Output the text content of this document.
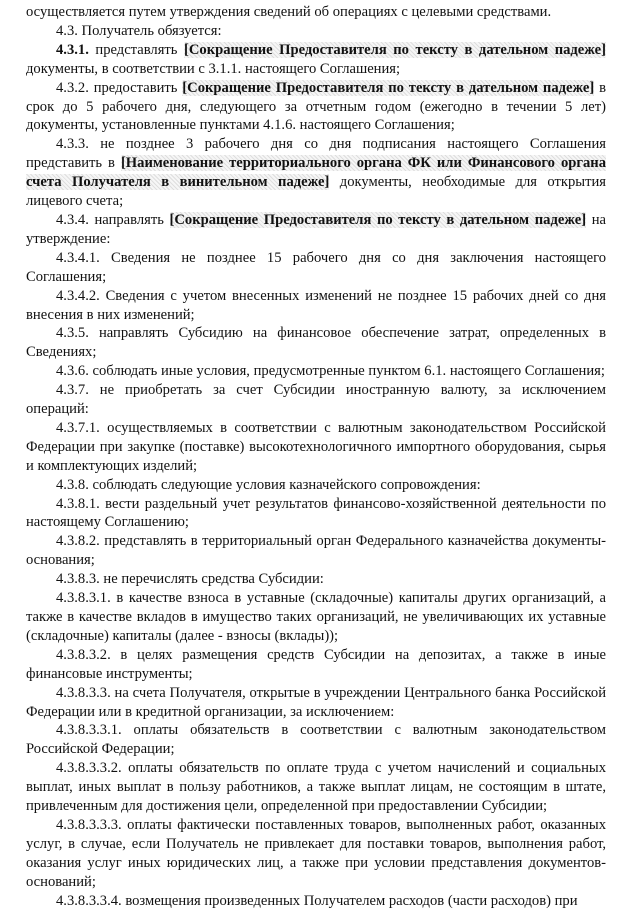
осуществляется путем утверждения сведений об операциях с целевыми средствами.

4.3. Получатель обязуется:

4.3.1. представлять [Сокращение Предоставителя по тексту в дательном падеже] документы, в соответствии с 3.1.1. настоящего Соглашения;

4.3.2. предоставить [Сокращение Предоставителя по тексту в дательном падеже] в срок до 5 рабочего дня, следующего за отчетным годом (ежегодно в течении 5 лет) документы, установленные пунктами 4.1.6. настоящего Соглашения;

4.3.3. не позднее 3 рабочего дня со дня подписания настоящего Соглашения представить в [Наименование территориального органа ФК или Финансового органа счета Получателя в винительном падеже] документы, необходимые для открытия лицевого счета;

4.3.4. направлять [Сокращение Предоставителя по тексту в дательном падеже] на утверждение:

4.3.4.1. Сведения не позднее 15 рабочего дня со дня заключения настоящего Соглашения;

4.3.4.2. Сведения с учетом внесенных изменений не позднее 15 рабочих дней со дня внесения в них изменений;

4.3.5. направлять Субсидию на финансовое обеспечение затрат, определенных в Сведениях;

4.3.6. соблюдать иные условия, предусмотренные пунктом 6.1. настоящего Соглашения;

4.3.7. не приобретать за счет Субсидии иностранную валюту, за исключением операций:

4.3.7.1. осуществляемых в соответствии с валютным законодательством Российской Федерации при закупке (поставке) высокотехнологичного импортного оборудования, сырья и комплектующих изделий;

4.3.8. соблюдать следующие условия казначейского сопровождения:

4.3.8.1. вести раздельный учет результатов финансово-хозяйственной деятельности по настоящему Соглашению;

4.3.8.2. представлять в территориальный орган Федерального казначейства документы-основания;

4.3.8.3. не перечислять средства Субсидии:

4.3.8.3.1. в качестве взноса в уставные (складочные) капиталы других организаций, а также в качестве вкладов в имущество таких организаций, не увеличивающих их уставные (складочные) капиталы (далее - взносы (вклады));

4.3.8.3.2. в целях размещения средств Субсидии на депозитах, а также в иные финансовые инструменты;

4.3.8.3.3. на счета Получателя, открытые в учреждении Центрального банка Российской Федерации или в кредитной организации, за исключением:

4.3.8.3.3.1. оплаты обязательств в соответствии с валютным законодательством Российской Федерации;

4.3.8.3.3.2. оплаты обязательств по оплате труда с учетом начислений и социальных выплат, иных выплат в пользу работников, а также выплат лицам, не состоящим в штате, привлеченным для достижения цели, определенной при предоставлении Субсидии;

4.3.8.3.3.3. оплаты фактически поставленных товаров, выполненных работ, оказанных услуг, в случае, если Получатель не привлекает для поставки товаров, выполнения работ, оказания услуг иных юридических лиц, а также при условии представления документов-оснований;

4.3.8.3.3.4. возмещения произведенных Получателем расходов (части расходов) при
